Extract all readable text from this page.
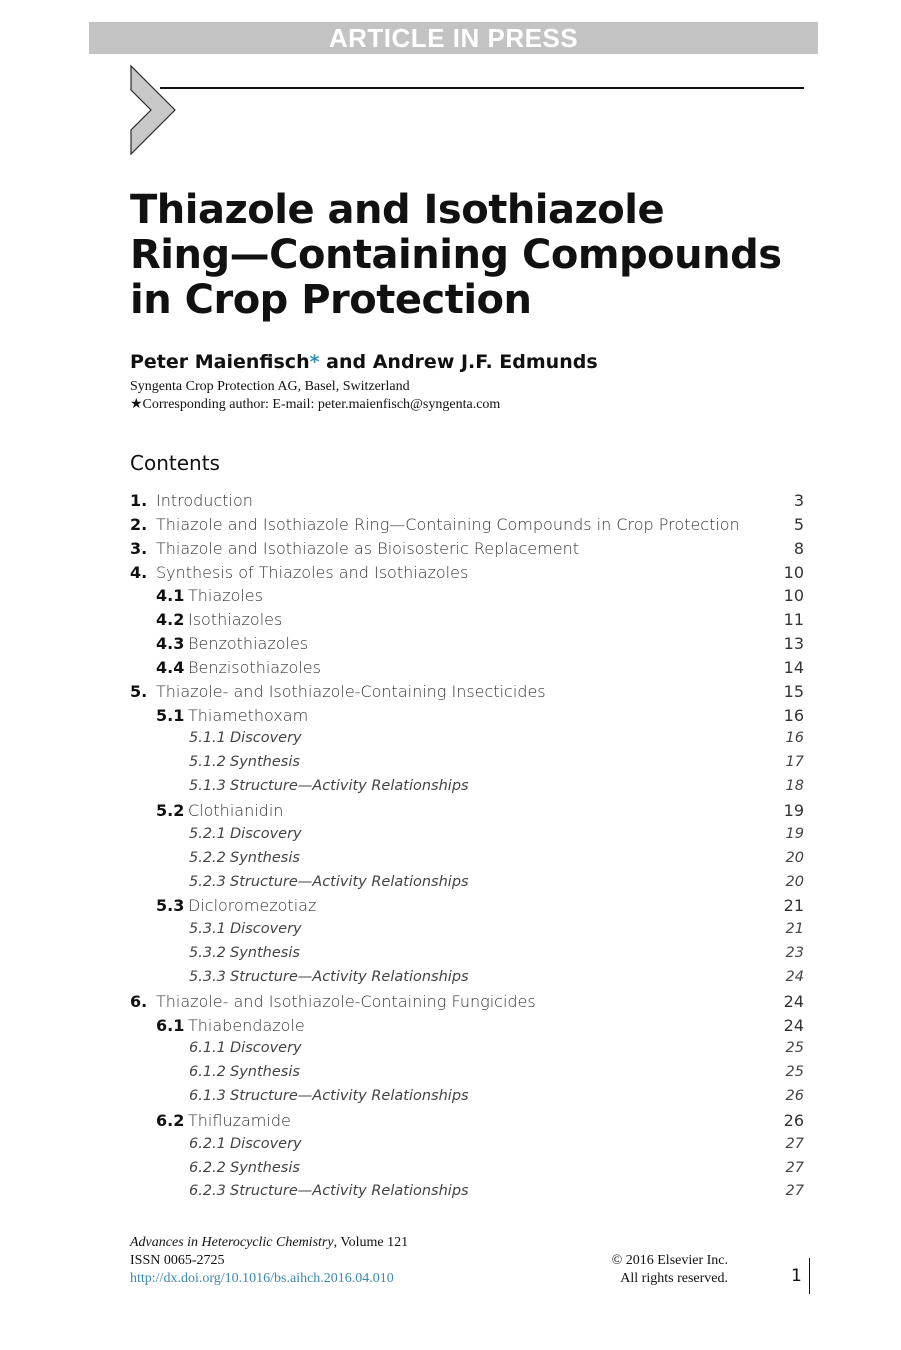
ARTICLE IN PRESS
Thiazole and Isothiazole
Ring—Containing Compounds
in Crop Protection

Peter Maienfisch* and Andrew J.F. Edmunds

Syngenta Crop Protection AG, Basel, Switzerland
★Corresponding author: E-mail: peter.maienfisch@syngenta.com
Contents
1. Introduction	3
2. Thiazole and Isothiazole Ring—Containing Compounds in Crop Protection	5
3. Thiazole and Isothiazole as Bioisosteric Replacement	8
4. Synthesis of Thiazoles and Isothiazoles	10
4.1 Thiazoles	10
4.2 Isothiazoles	11
4.3 Benzothiazoles	13
4.4 Benzisothiazoles	14
5. Thiazole- and Isothiazole-Containing Insecticides	15
5.1 Thiamethoxam	16
5.1.1 Discovery	16
5.1.2 Synthesis	17
5.1.3 Structure—Activity Relationships	18
5.2 Clothianidin	19
5.2.1 Discovery	19
5.2.2 Synthesis	20
5.2.3 Structure—Activity Relationships	20
5.3 Dicloromezotiaz	21
5.3.1 Discovery	21
5.3.2 Synthesis	23
5.3.3 Structure—Activity Relationships	24
6. Thiazole- and Isothiazole-Containing Fungicides	24
6.1 Thiabendazole	24
6.1.1 Discovery	25
6.1.2 Synthesis	25
6.1.3 Structure—Activity Relationships	26
6.2 Thifluzamide	26
6.2.1 Discovery	27
6.2.2 Synthesis	27
6.2.3 Structure—Activity Relationships	27
Advances in Heterocyclic Chemistry, Volume 121
ISSN 0065-2725
http://dx.doi.org/10.1016/bs.aihch.2016.04.010
© 2016 Elsevier Inc.
All rights reserved.	1
